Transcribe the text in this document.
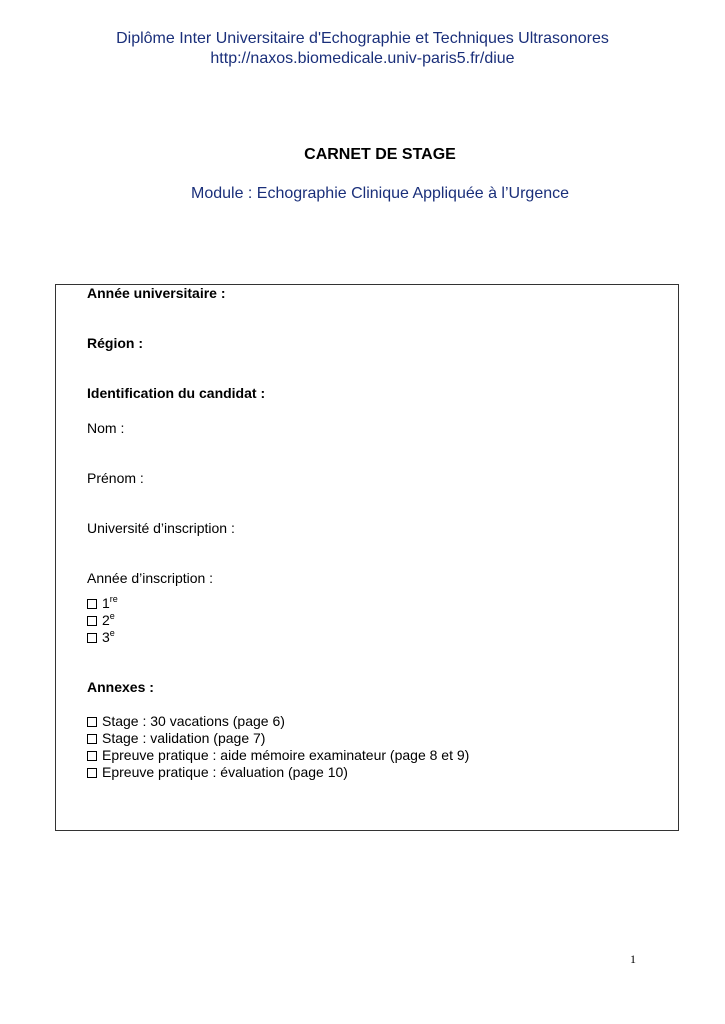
Diplôme Inter Universitaire d'Echographie et Techniques Ultrasonores
http://naxos.biomedicale.univ-paris5.fr/diue
CARNET DE STAGE
Module : Echographie Clinique Appliquée à l’Urgence
Année universitaire :
Région :
Identification du candidat :
Nom :
Prénom :
Université d’inscription :
Année d’inscription :
1re
2e
3e
Annexes :
Stage : 30 vacations (page 6)
Stage : validation (page 7)
Epreuve pratique : aide mémoire examinateur (page 8 et 9)
Epreuve pratique : évaluation (page 10)
1
